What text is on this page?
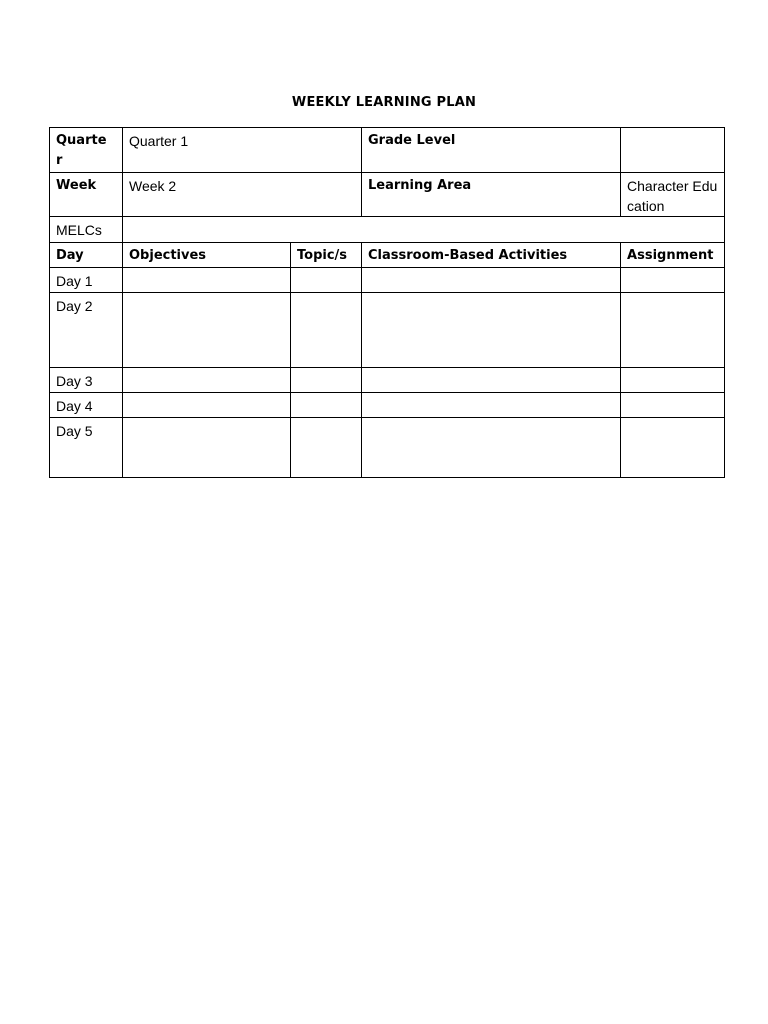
WEEKLY LEARNING PLAN
Quarte r	Quarter 1		Grade Level	
Week	Week 2		Learning Area	Character Education
MELCs				
Day	Objectives	Topic/s	Classroom-Based Activities	Assignment
Day 1				
Day 2				
Day 3				
Day 4				
Day 5				
